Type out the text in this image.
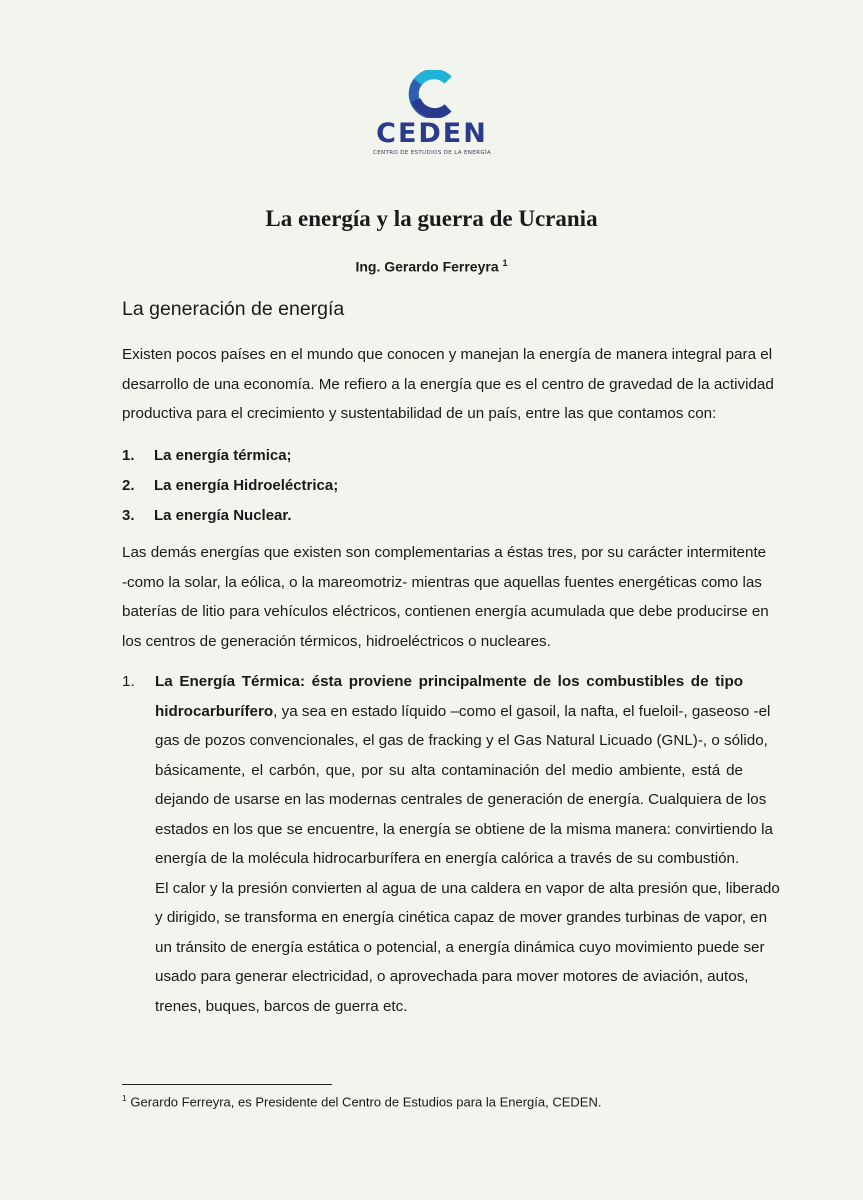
CEDEN
CENTRO DE ESTUDIOS DE LA ENERGÍA
La energía y la guerra de Ucrania
Ing. Gerardo Ferreyra $^1$
La generación de energía
Existen pocos países en el mundo que conocen y manejan la energía de manera integral para el
desarrollo de una economía. Me refiero a la energía que es el centro de gravedad de la actividad
productiva para el crecimiento y sustentabilidad de un país, entre las que contamos con:
1.	La energía térmica;
2.	La energía Hidroeléctrica;
3.	La energía Nuclear.
Las demás energías que existen son complementarias a éstas tres, por su carácter intermitente
-como la solar, la eólica, o la mareomotriz- mientras que aquellas fuentes energéticas como las
baterías de litio para vehículos eléctricos, contienen energía acumulada que debe producirse en
los centros de generación térmicos, hidroeléctricos o nucleares.
1. La Energía Térmica: ésta proviene principalmente de los combustibles de tipo
hidrocarburífero, ya sea en estado líquido –como el gasoil, la nafta, el fueloil-, gaseoso -el
gas de pozos convencionales, el gas de fracking y el Gas Natural Licuado (GNL)-, o sólido,
básicamente, el carbón, que, por su alta contaminación del medio ambiente, está de
dejando de usarse en las modernas centrales de generación de energía. Cualquiera de los
estados en los que se encuentre, la energía se obtiene de la misma manera: convirtiendo la
energía de la molécula hidrocarburífera en energía calórica a través de su combustión.
El calor y la presión convierten al agua de una caldera en vapor de alta presión que, liberado
y dirigido, se transforma en energía cinética capaz de mover grandes turbinas de vapor, en
un tránsito de energía estática o potencial, a energía dinámica cuyo movimiento puede ser
usado para generar electricidad, o aprovechada para mover motores de aviación, autos,
trenes, buques, barcos de guerra etc.
$^1$ Gerardo Ferreyra, es Presidente del Centro de Estudios para la Energía, CEDEN.
